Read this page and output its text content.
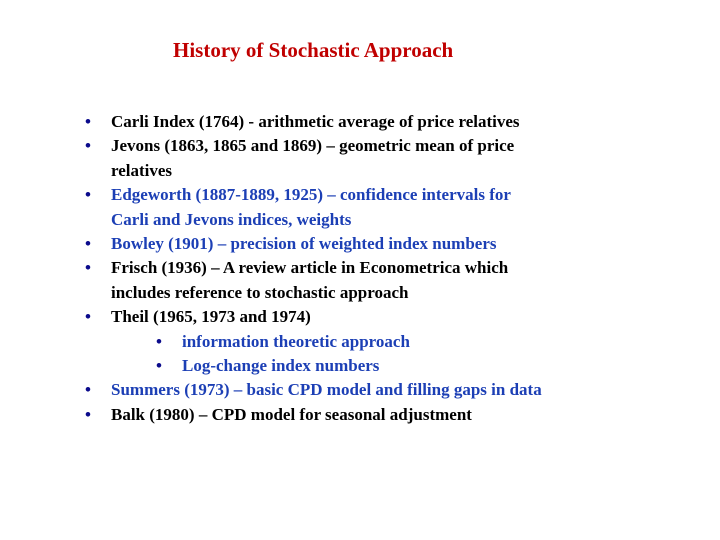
History of Stochastic Approach
• Carli Index (1764) - arithmetic average of price relatives
• Jevons (1863, 1865 and 1869) – geometric mean of price
relatives
• Edgeworth (1887-1889, 1925) – confidence intervals for
Carli and Jevons indices, weights
• Bowley (1901) – precision of weighted index numbers
• Frisch (1936) – A review article in Econometrica which
includes reference to stochastic approach
• Theil (1965, 1973 and 1974)
• information theoretic approach
• Log-change index numbers
• Summers (1973) – basic CPD model and filling gaps in data
• Balk (1980) – CPD model for seasonal adjustment
